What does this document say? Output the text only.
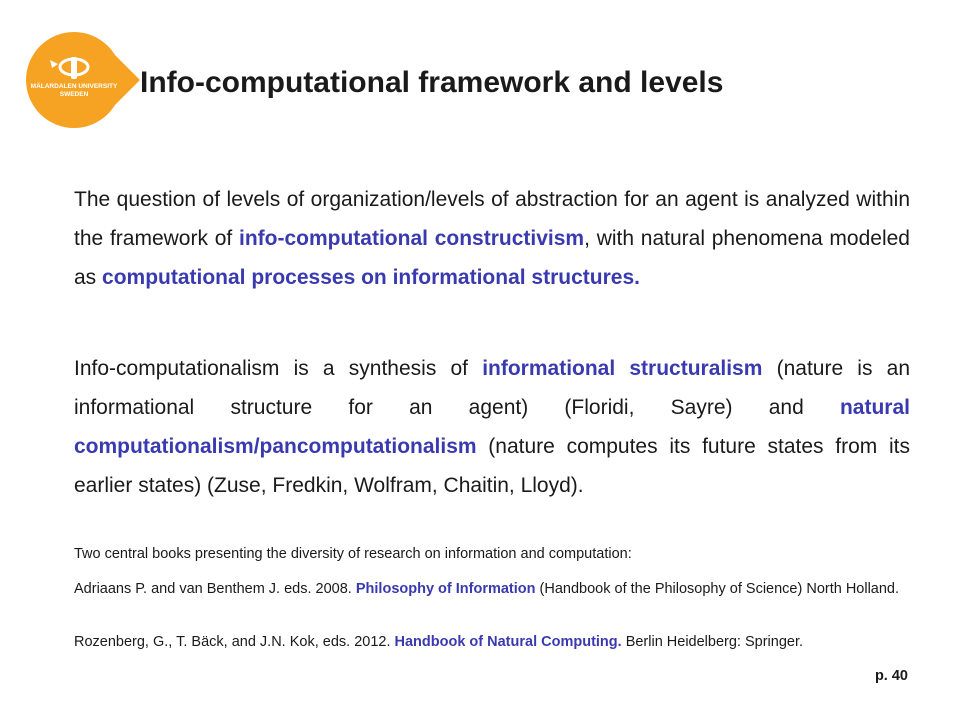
MÄLARDALEN UNIVERSITY
SWEDEN Info-computational framework and levels

The question of levels of organization/levels of abstraction for an agent is analyzed within the framework of info-computational constructivism, with natural phenomena modeled as computational processes on informational structures.

Info-computationalism is a synthesis of informational structuralism (nature is an informational structure for an agent) (Floridi, Sayre) and natural computationalism/pancomputationalism (nature computes its future states from its earlier states) (Zuse, Fredkin, Wolfram, Chaitin, Lloyd).

Two central books presenting the diversity of research on information and computation:

Adriaans P. and van Benthem J. eds. 2008. Philosophy of Information (Handbook of the Philosophy of Science) North Holland.

Rozenberg, G., T. Bäck, and J.N. Kok, eds. 2012. Handbook of Natural Computing. Berlin Heidelberg: Springer.

p. 40
